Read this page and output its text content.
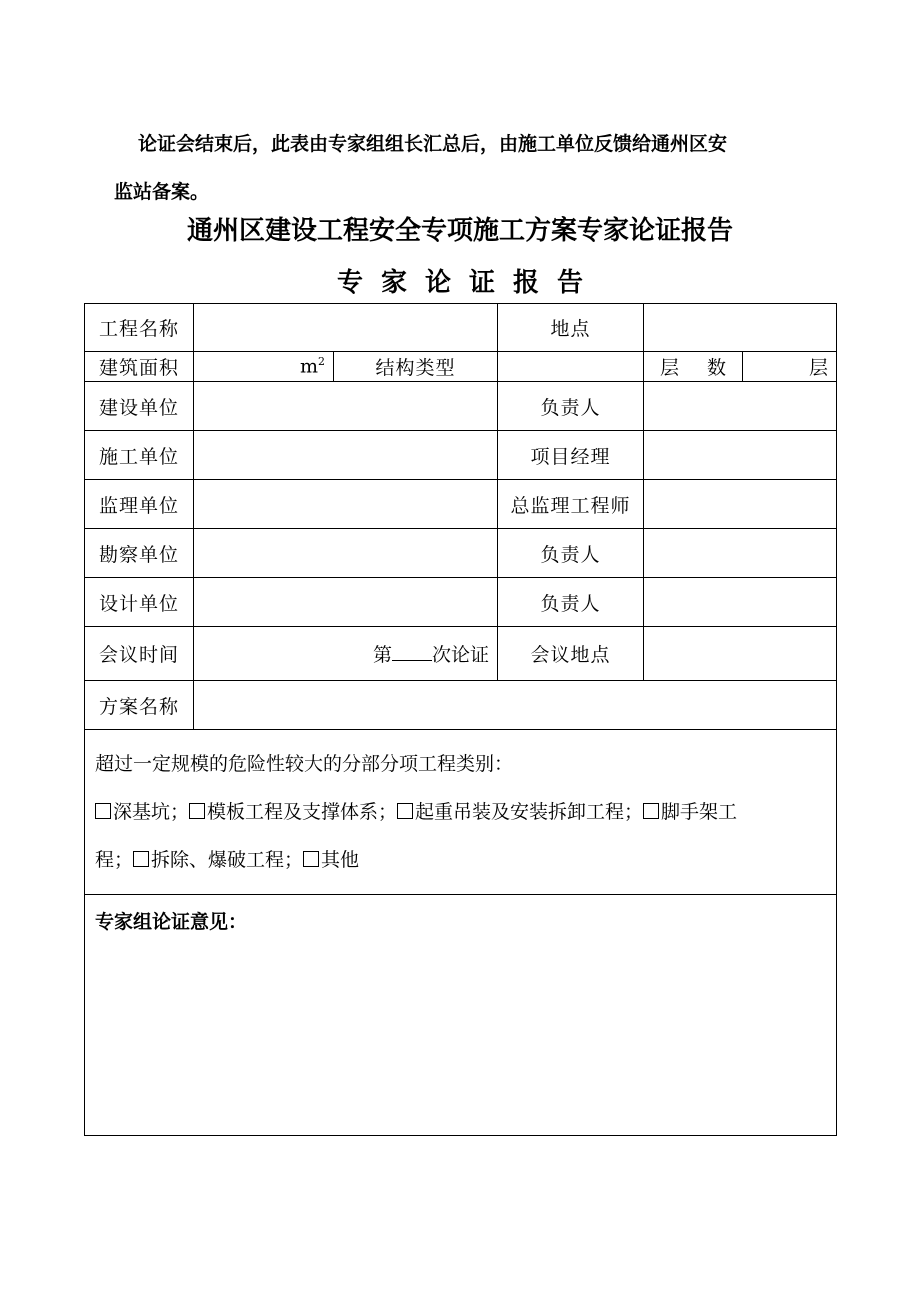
论证会结束后，此表由专家组组长汇总后，由施工单位反馈给通州区安
监站备案。
通州区建设工程安全专项施工方案专家论证报告
专家论证报告
工程名称			地点		
建筑面积	$m^2$	结构类型		层 数	层
建设单位			负责人		
施工单位			项目经理		
监理单位			总监理工程师		
勘察单位			负责人		
设计单位			负责人		
会议时间	第 次论证		会议地点		
方案名称					

超过一定规模的危险性较大的分部分项工程类别：
深基坑； 模板工程及支撑体系； 起重吊装及安装拆卸工程； 脚手架工
程； 拆除、爆破工程； 其他					

专家组论证意见：					
